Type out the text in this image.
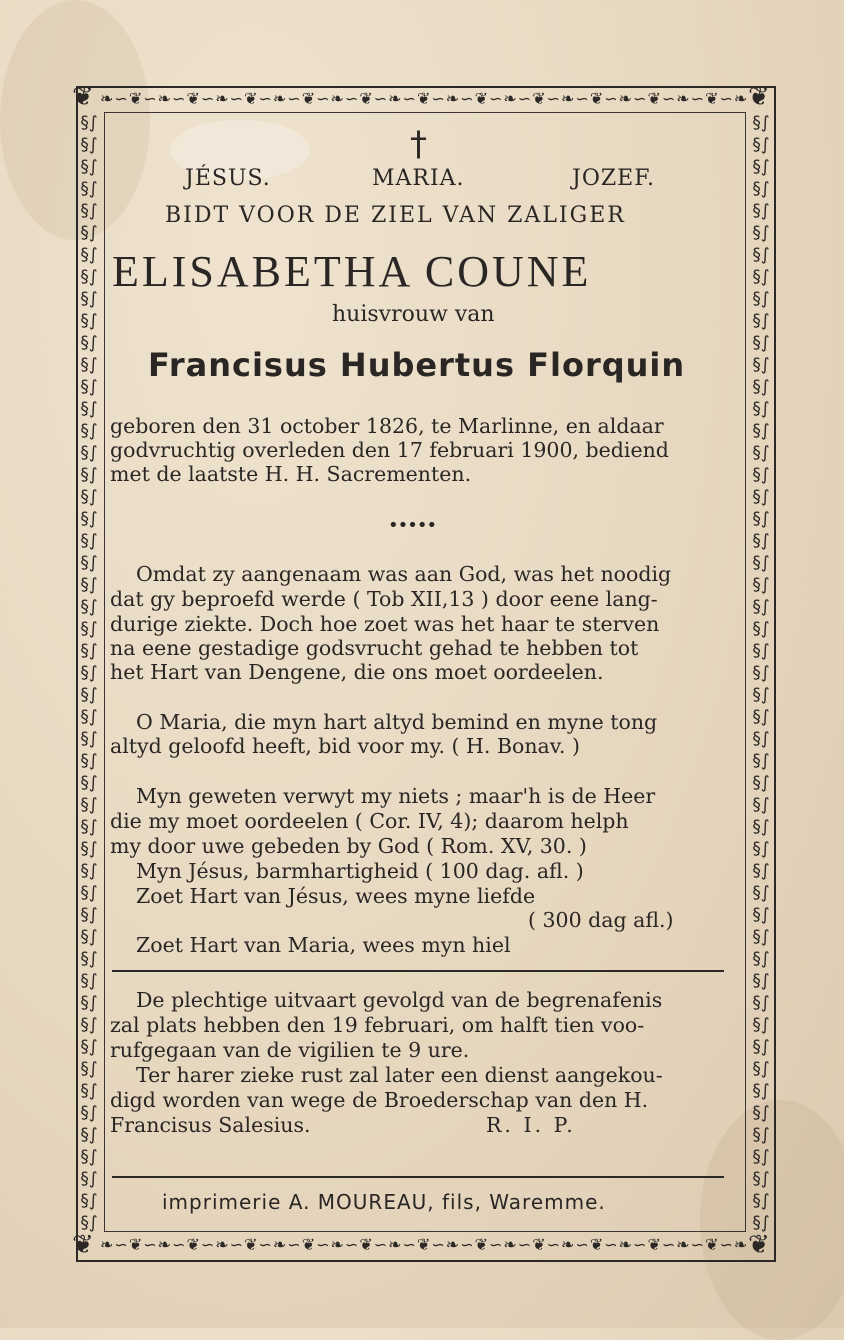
❧∽❦∽❧∽❦∽❧∽❦∽❧∽❦∽❧∽❦∽❧∽❦∽❧∽❦∽❧∽❦∽❧∽❦∽❧∽❦∽❧∽❦∽❧
❧∽❦∽❧∽❦∽❧∽❦∽❧∽❦∽❧∽❦∽❧∽❦∽❧∽❦∽❧∽❦∽❧∽❦∽❧∽❦∽❧∽❦∽❧
§∫§∫§∫§∫§∫§∫§∫§∫§∫§∫§∫§∫§∫§∫§∫§∫§∫§∫§∫§∫§∫§∫§∫§∫§∫§∫§∫§∫§∫§∫§∫§∫§∫§∫§∫§∫§∫§∫§∫§∫§∫§∫§∫§∫§∫§∫§∫§∫§∫§∫§∫
§∫§∫§∫§∫§∫§∫§∫§∫§∫§∫§∫§∫§∫§∫§∫§∫§∫§∫§∫§∫§∫§∫§∫§∫§∫§∫§∫§∫§∫§∫§∫§∫§∫§∫§∫§∫§∫§∫§∫§∫§∫§∫§∫§∫§∫§∫§∫§∫§∫§∫§∫
❦	❦
❦	❦
†
JÉSUS.	MARIA.	JOZEF.
BIDT VOOR DE ZIEL VAN ZALIGER
ELISABETHA COUNE
huisvrouw van
Francisus Hubertus Florquin
geboren den 31 october 1826, te Marlinne, en aldaar
godvruchtig overleden den 17 februari 1900, bediend
met de laatste H. H. Sacrementen.
•••••
Omdat zy aangenaam was aan God, was het noodig
dat gy beproefd werde ( Tob XII,13 ) door eene lang-
durige ziekte. Doch hoe zoet was het haar te sterven
na eene gestadige godsvrucht gehad te hebben tot
het Hart van Dengene, die ons moet oordeelen.
O Maria, die myn hart altyd bemind en myne tong
altyd geloofd heeft, bid voor my. ( H. Bonav. )
Myn geweten verwyt my niets ; maar'h is de Heer
die my moet oordeelen ( Cor. IV, 4); daarom helph
my door uwe gebeden by God ( Rom. XV, 30. )
Myn Jésus, barmhartigheid ( 100 dag. afl. )
Zoet Hart van Jésus, wees myne liefde
( 300 dag afl.)
Zoet Hart van Maria, wees myn hiel
De plechtige uitvaart gevolgd van de begrenafenis
zal plats hebben den 19 februari, om halft tien voo-
rufgegaan van de vigilien te 9 ure.
Ter harer zieke rust zal later een dienst aangekou-
digd worden van wege de Broederschap van den H.
Francisus Salesius.	R. I. P.
imprimerie A. MOUREAU, fils, Waremme.
